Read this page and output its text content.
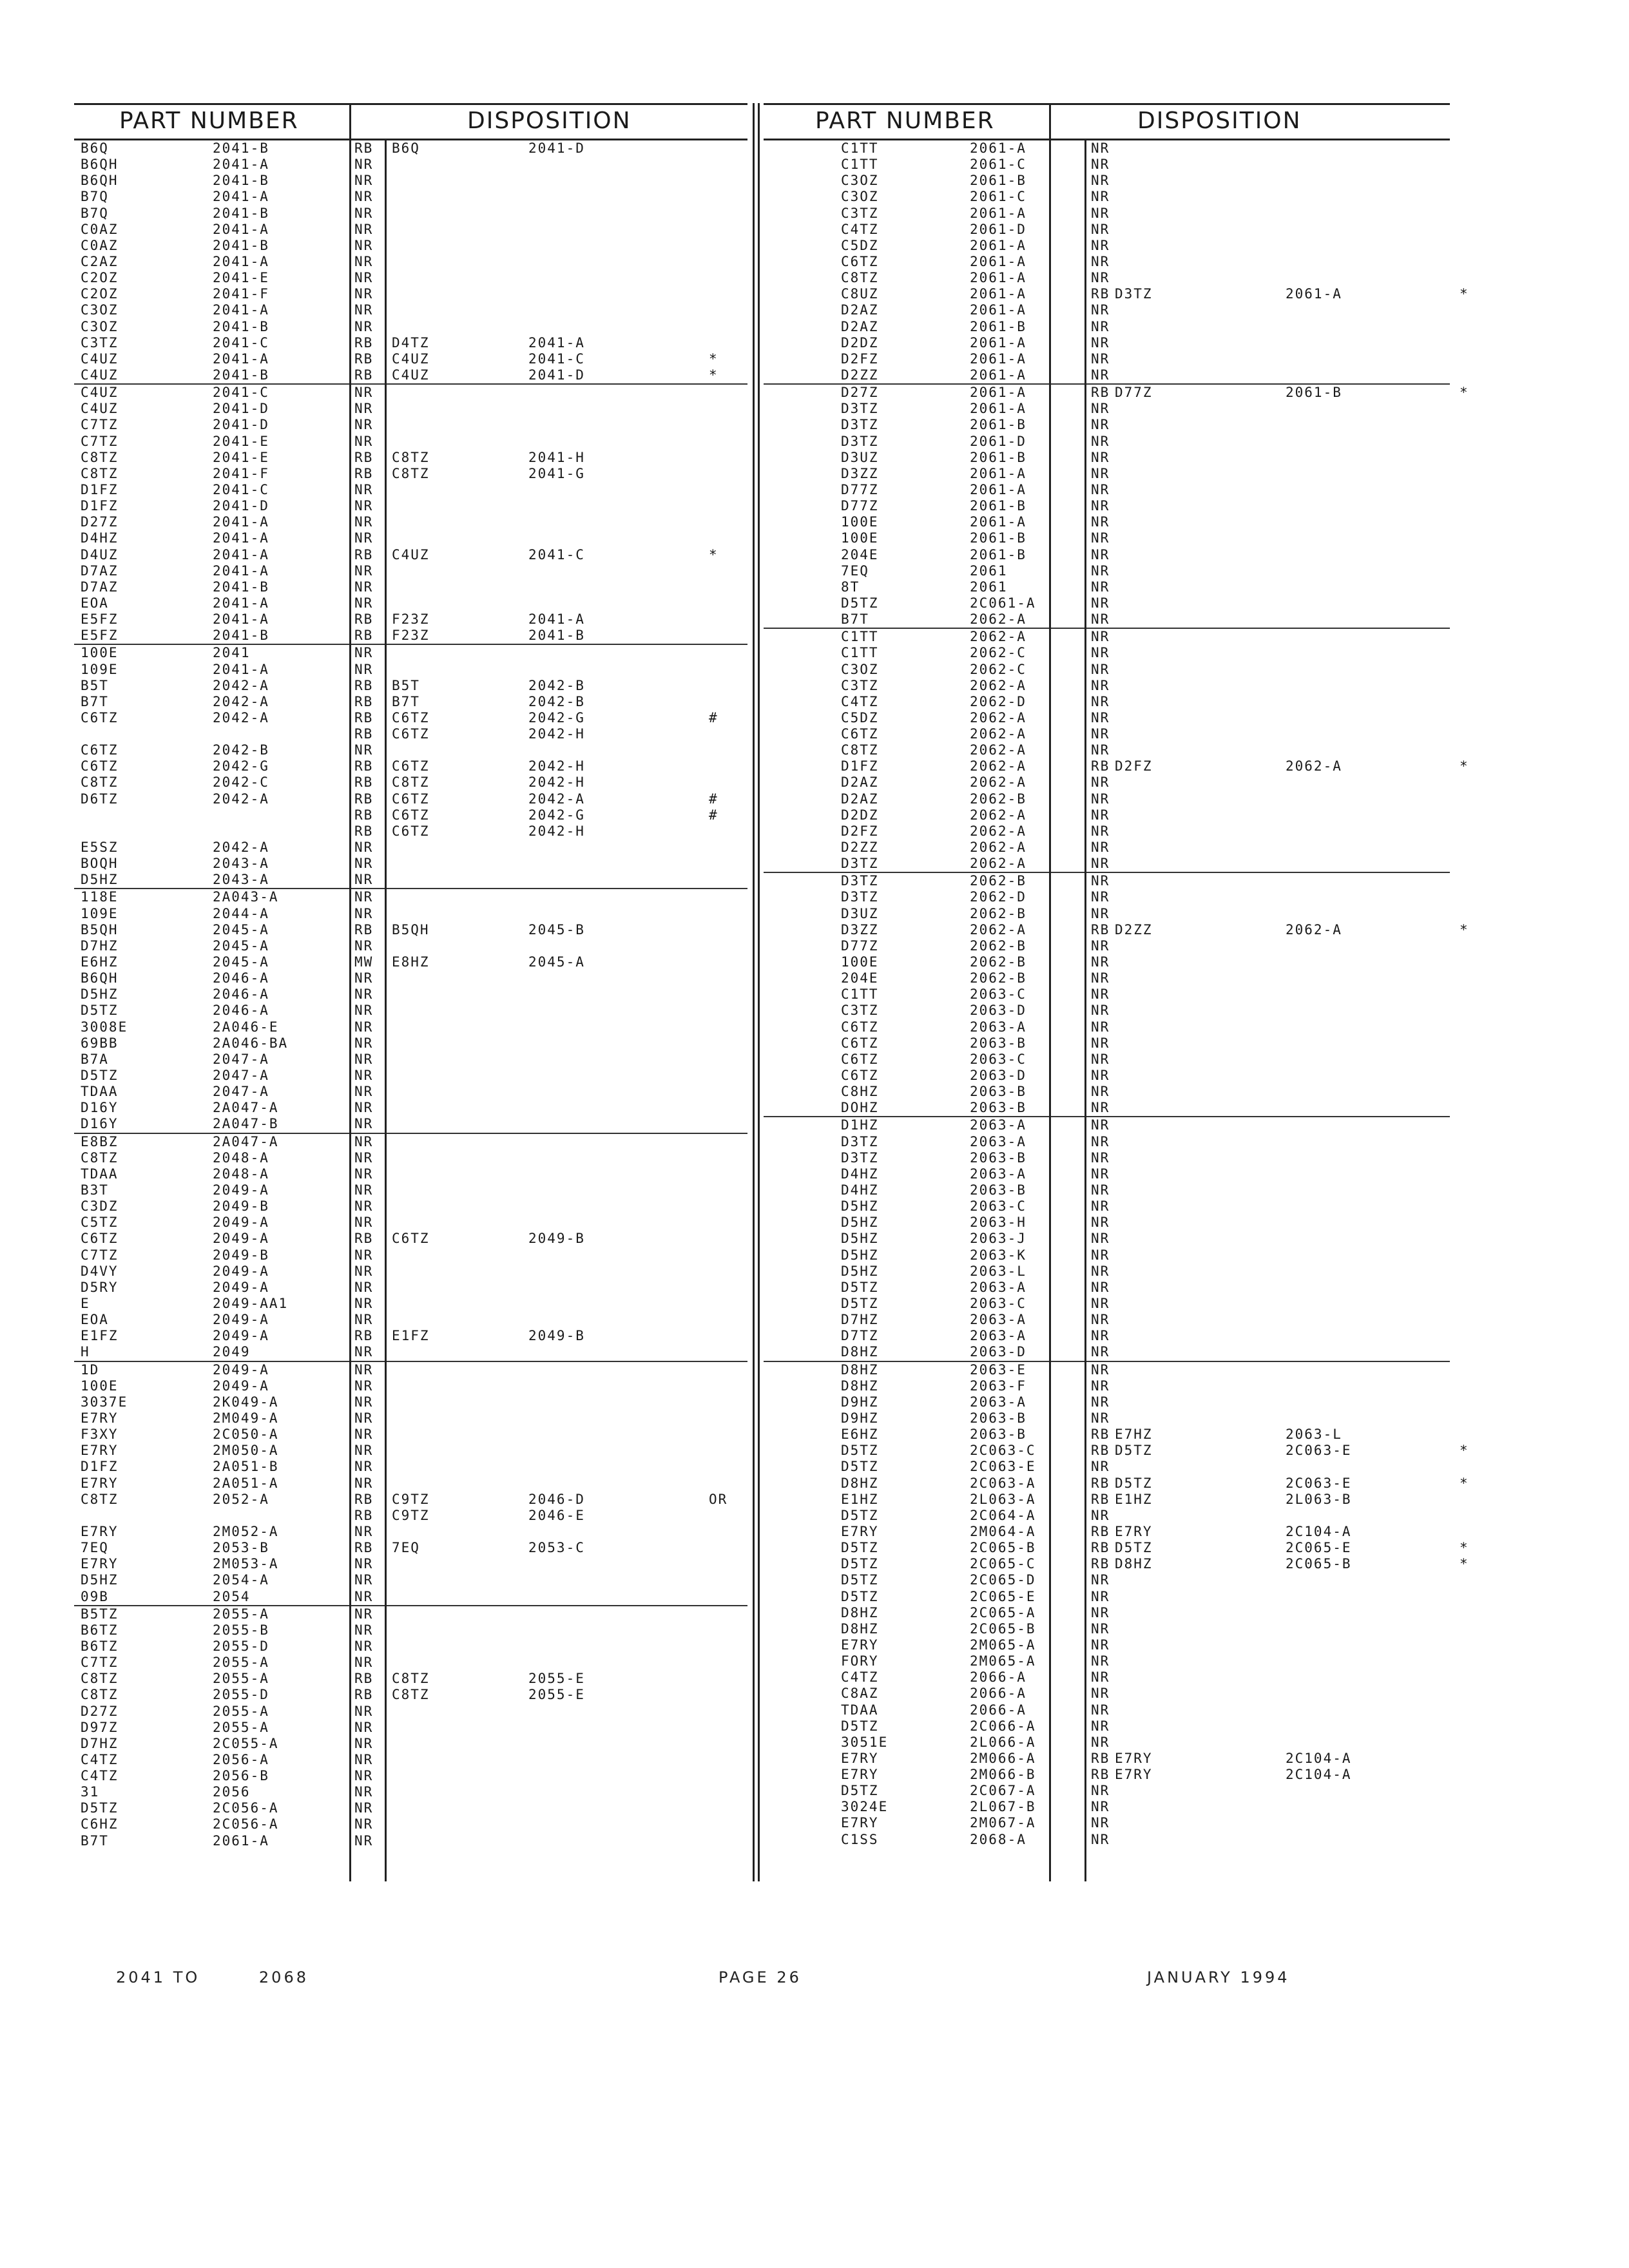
PART NUMBER	DISPOSITION
B6Q	2041-B	RB B6Q	2041-D
B6QH	2041-A	NR
B6QH	2041-B	NR
B7Q	2041-A	NR
B7Q	2041-B	NR
C0AZ	2041-A	NR
C0AZ	2041-B	NR
C2AZ	2041-A	NR
C2OZ	2041-E	NR
C2OZ	2041-F	NR
C3OZ	2041-A	NR
C3OZ	2041-B	NR
C3TZ	2041-C	RB D4TZ	2041-A
C4UZ	2041-A	RB C4UZ	2041-C	*
C4UZ	2041-B	RB C4UZ	2041-D	*
C4UZ	2041-C	NR
C4UZ	2041-D	NR
C7TZ	2041-D	NR
C7TZ	2041-E	NR
C8TZ	2041-E	RB C8TZ	2041-H
C8TZ	2041-F	RB C8TZ	2041-G
D1FZ	2041-C	NR
D1FZ	2041-D	NR
D27Z	2041-A	NR
D4HZ	2041-A	NR
D4UZ	2041-A	RB C4UZ	2041-C	*
D7AZ	2041-A	NR
D7AZ	2041-B	NR
EOA	2041-A	NR
E5FZ	2041-A	RB F23Z	2041-A
E5FZ	2041-B	RB F23Z	2041-B
100E	2041	NR
109E	2041-A	NR
B5T	2042-A	RB B5T	2042-B
B7T	2042-A	RB B7T	2042-B
C6TZ	2042-A	RB C6TZ	2042-G	#
RB C6TZ	2042-H
C6TZ	2042-B	NR
C6TZ	2042-G	RB C6TZ	2042-H
C8TZ	2042-C	RB C8TZ	2042-H
D6TZ	2042-A	RB C6TZ	2042-A	#
RB C6TZ	2042-G	#
RB C6TZ	2042-H
E5SZ	2042-A	NR
BOQH	2043-A	NR
D5HZ	2043-A	NR
118E	2A043-A	NR
109E	2044-A	NR
B5QH	2045-A	RB B5QH	2045-B
D7HZ	2045-A	NR
E6HZ	2045-A	MW E8HZ	2045-A
B6QH	2046-A	NR
D5HZ	2046-A	NR
D5TZ	2046-A	NR
3008E	2A046-E	NR
69BB	2A046-BA	NR
B7A	2047-A	NR
D5TZ	2047-A	NR
TDAA	2047-A	NR
D16Y	2A047-A	NR
D16Y	2A047-B	NR
E8BZ	2A047-A	NR
C8TZ	2048-A	NR
TDAA	2048-A	NR
B3T	2049-A	NR
C3DZ	2049-B	NR
C5TZ	2049-A	NR
C6TZ	2049-A	RB C6TZ	2049-B
C7TZ	2049-B	NR
D4VY	2049-A	NR
D5RY	2049-A	NR
E	2049-AA1	NR
EOA	2049-A	NR
E1FZ	2049-A	RB E1FZ	2049-B
H	2049	NR
1D	2049-A	NR
100E	2049-A	NR
3037E	2K049-A	NR
E7RY	2M049-A	NR
F3XY	2C050-A	NR
E7RY	2M050-A	NR
D1FZ	2A051-B	NR
E7RY	2A051-A	NR
C8TZ	2052-A	RB C9TZ	2046-D	OR
RB C9TZ	2046-E
E7RY	2M052-A	NR
7EQ	2053-B	RB 7EQ	2053-C
E7RY	2M053-A	NR
D5HZ	2054-A	NR
09B	2054	NR
B5TZ	2055-A	NR
B6TZ	2055-B	NR
B6TZ	2055-D	NR
C7TZ	2055-A	NR
C8TZ	2055-A	RB C8TZ	2055-E
C8TZ	2055-D	RB C8TZ	2055-E
D27Z	2055-A	NR
D97Z	2055-A	NR
D7HZ	2C055-A	NR
C4TZ	2056-A	NR
C4TZ	2056-B	NR
31	2056	NR
D5TZ	2C056-A	NR
C6HZ	2C056-A	NR
B7T	2061-A	NR
PART NUMBER	DISPOSITION
C1TT	2061-A	NR
C1TT	2061-C	NR
C3OZ	2061-B	NR
C3OZ	2061-C	NR
C3TZ	2061-A	NR
C4TZ	2061-D	NR
C5DZ	2061-A	NR
C6TZ	2061-A	NR
C8TZ	2061-A	NR
C8UZ	2061-A	RB D3TZ	2061-A	*
D2AZ	2061-A	NR
D2AZ	2061-B	NR
D2DZ	2061-A	NR
D2FZ	2061-A	NR
D2ZZ	2061-A	NR
D27Z	2061-A	RB D77Z	2061-B	*
D3TZ	2061-A	NR
D3TZ	2061-B	NR
D3TZ	2061-D	NR
D3UZ	2061-B	NR
D3ZZ	2061-A	NR
D77Z	2061-A	NR
D77Z	2061-B	NR
100E	2061-A	NR
100E	2061-B	NR
204E	2061-B	NR
7EQ	2061	NR
8T	2061	NR
D5TZ	2C061-A	NR
B7T	2062-A	NR
C1TT	2062-A	NR
C1TT	2062-C	NR
C3OZ	2062-C	NR
C3TZ	2062-A	NR
C4TZ	2062-D	NR
C5DZ	2062-A	NR
C6TZ	2062-A	NR
C8TZ	2062-A	NR
D1FZ	2062-A	RB D2FZ	2062-A	*
D2AZ	2062-A	NR
D2AZ	2062-B	NR
D2DZ	2062-A	NR
D2FZ	2062-A	NR
D2ZZ	2062-A	NR
D3TZ	2062-A	NR
D3TZ	2062-B	NR
D3TZ	2062-D	NR
D3UZ	2062-B	NR
D3ZZ	2062-A	RB D2ZZ	2062-A	*
D77Z	2062-B	NR
100E	2062-B	NR
204E	2062-B	NR
C1TT	2063-C	NR
C3TZ	2063-D	NR
C6TZ	2063-A	NR
C6TZ	2063-B	NR
C6TZ	2063-C	NR
C6TZ	2063-D	NR
C8HZ	2063-B	NR
DOHZ	2063-B	NR
D1HZ	2063-A	NR
D3TZ	2063-A	NR
D3TZ	2063-B	NR
D4HZ	2063-A	NR
D4HZ	2063-B	NR
D5HZ	2063-C	NR
D5HZ	2063-H	NR
D5HZ	2063-J	NR
D5HZ	2063-K	NR
D5HZ	2063-L	NR
D5TZ	2063-A	NR
D5TZ	2063-C	NR
D7HZ	2063-A	NR
D7TZ	2063-A	NR
D8HZ	2063-D	NR
D8HZ	2063-E	NR
D8HZ	2063-F	NR
D9HZ	2063-A	NR
D9HZ	2063-B	NR
E6HZ	2063-B	RB E7HZ	2063-L
D5TZ	2C063-C	RB D5TZ	2C063-E	*
D5TZ	2C063-E	NR
D8HZ	2C063-A	RB D5TZ	2C063-E	*
E1HZ	2L063-A	RB E1HZ	2L063-B
D5TZ	2C064-A	NR
E7RY	2M064-A	RB E7RY	2C104-A
D5TZ	2C065-B	RB D5TZ	2C065-E	*
D5TZ	2C065-C	RB D8HZ	2C065-B	*
D5TZ	2C065-D	NR
D5TZ	2C065-E	NR
D8HZ	2C065-A	NR
D8HZ	2C065-B	NR
E7RY	2M065-A	NR
FORY	2M065-A	NR
C4TZ	2066-A	NR
C8AZ	2066-A	NR
TDAA	2066-A	NR
D5TZ	2C066-A	NR
3051E	2L066-A	NR
E7RY	2M066-A	RB E7RY	2C104-A
E7RY	2M066-B	RB E7RY	2C104-A
D5TZ	2C067-A	NR
3024E	2L067-B	NR
E7RY	2M067-A	NR
C1SS	2068-A	NR
2041 TO	2068	PAGE 26	JANUARY 1994
